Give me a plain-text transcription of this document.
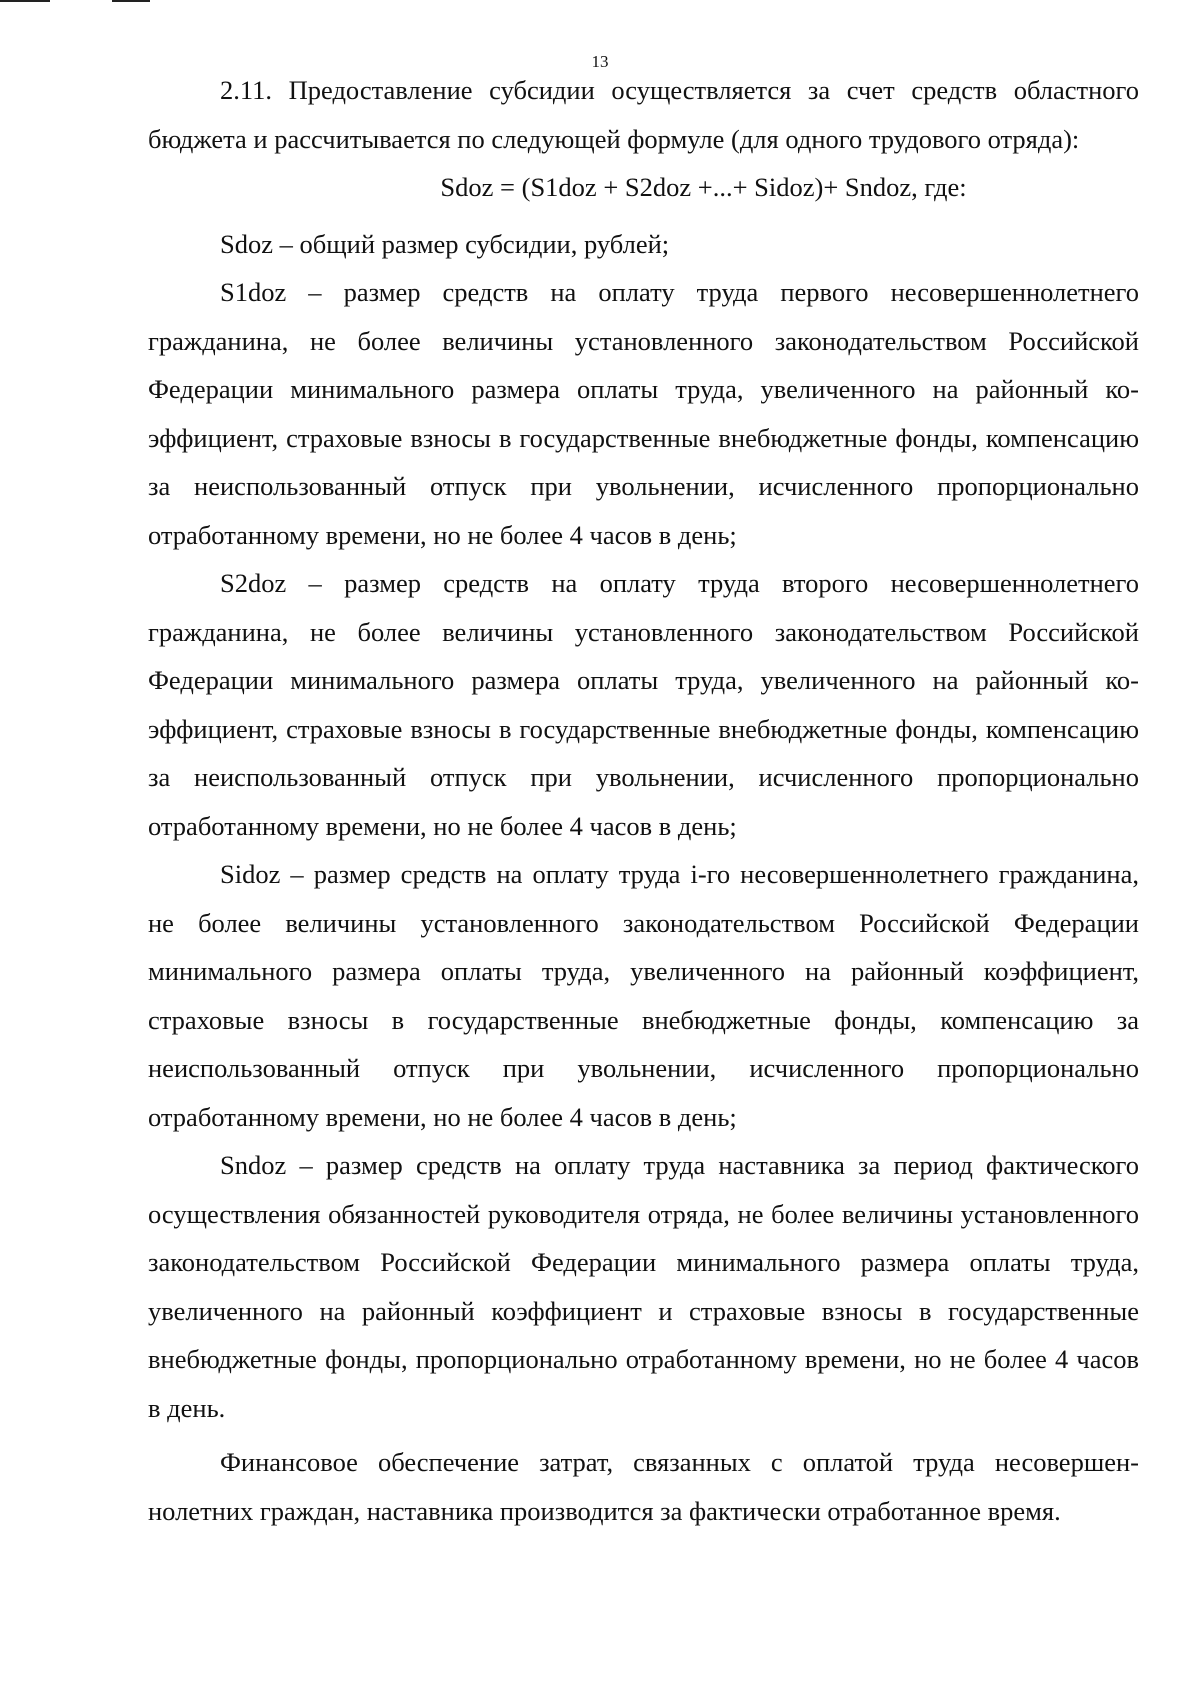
13

2.11. Предоставление субсидии осуществляется за счет средств областного бюджета и рассчитывается по следующей формуле (для одного трудового отряда):

Sdoz = (S1doz + S2doz +...+ Sidoz)+ Sndoz, где:

Sdoz – общий размер субсидии, рублей;

S1doz – размер средств на оплату труда первого несовершеннолетнего гражданина, не более величины установленного законодательством Российской Федерации минимального размера оплаты труда, увеличенного на районный коэффициент, страховые взносы в государственные внебюджетные фонды, компенсацию за неиспользованный отпуск при увольнении, исчисленного пропорционально отработанному времени, но не более 4 часов в день;

S2doz – размер средств на оплату труда второго несовершеннолетнего гражданина, не более величины установленного законодательством Российской Федерации минимального размера оплаты труда, увеличенного на районный коэффициент, страховые взносы в государственные внебюджетные фонды, компенсацию за неиспользованный отпуск при увольнении, исчисленного пропорционально отработанному времени, но не более 4 часов в день;

Sidoz – размер средств на оплату труда i-го несовершеннолетнего гражданина, не более величины установленного законодательством Российской Федерации минимального размера оплаты труда, увеличенного на районный коэффициент, страховые взносы в государственные внебюджетные фонды, компенсацию за неиспользованный отпуск при увольнении, исчисленного пропорционально отработанному времени, но не более 4 часов в день;

Sndoz – размер средств на оплату труда наставника за период фактического осуществления обязанностей руководителя отряда, не более величины установленного законодательством Российской Федерации минимального размера оплаты труда, увеличенного на районный коэффициент и страховые взносы в государственные внебюджетные фонды, пропорционально отработанному времени, но не более 4 часов в день.

Финансовое обеспечение затрат, связанных с оплатой труда несовершеннолетних граждан, наставника производится за фактически отработанное время.
